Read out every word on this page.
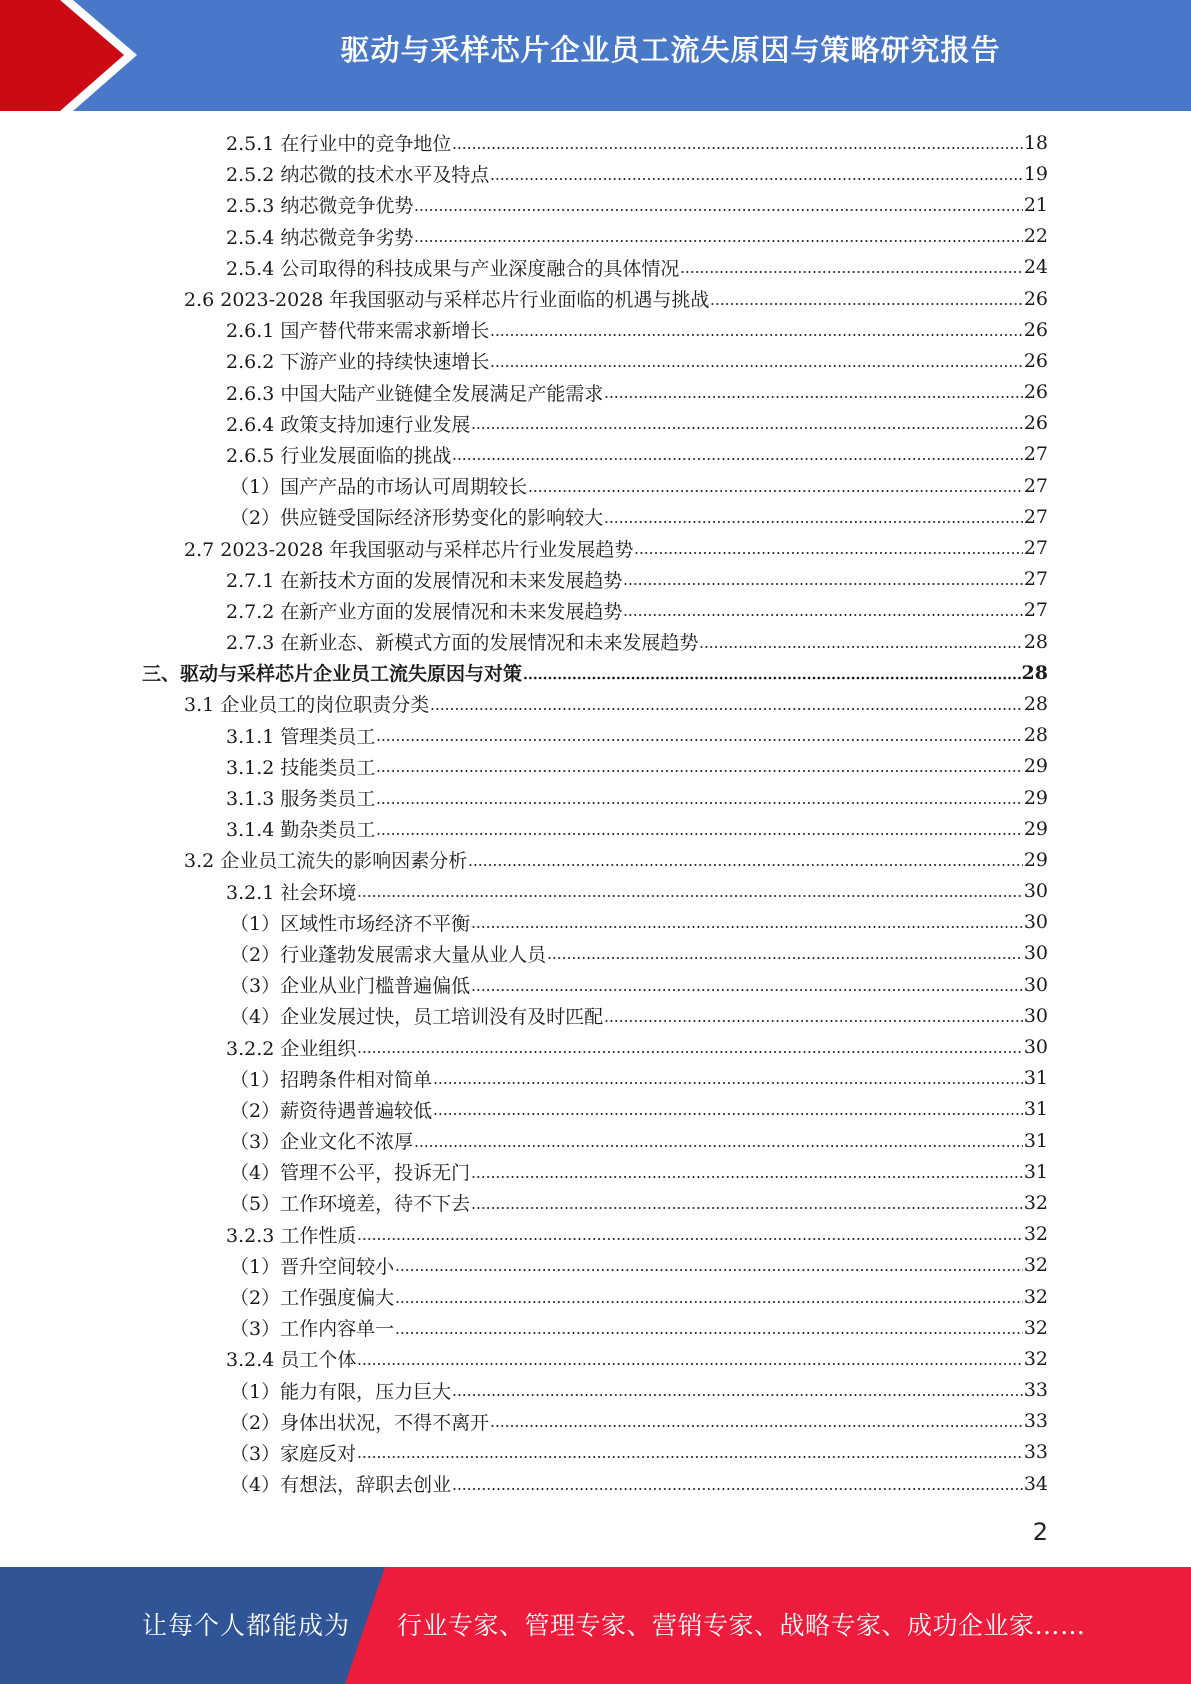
驱动与采样芯片企业员工流失原因与策略研究报告
2.5.1 在行业中的竞争地位	18
2.5.2 纳芯微的技术水平及特点	19
2.5.3 纳芯微竞争优势	21
2.5.4 纳芯微竞争劣势	22
2.5.4 公司取得的科技成果与产业深度融合的具体情况	24
2.6 2023-2028 年我国驱动与采样芯片行业面临的机遇与挑战	26
2.6.1 国产替代带来需求新增长	26
2.6.2 下游产业的持续快速增长	26
2.6.3 中国大陆产业链健全发展满足产能需求	26
2.6.4 政策支持加速行业发展	26
2.6.5 行业发展面临的挑战	27
（1）国产产品的市场认可周期较长	27
（2）供应链受国际经济形势变化的影响较大	27
2.7 2023-2028 年我国驱动与采样芯片行业发展趋势	27
2.7.1 在新技术方面的发展情况和未来发展趋势	27
2.7.2 在新产业方面的发展情况和未来发展趋势	27
2.7.3 在新业态、新模式方面的发展情况和未来发展趋势	28
三、驱动与采样芯片企业员工流失原因与对策	28
3.1 企业员工的岗位职责分类	28
3.1.1 管理类员工	28
3.1.2 技能类员工	29
3.1.3 服务类员工	29
3.1.4 勤杂类员工	29
3.2 企业员工流失的影响因素分析	29
3.2.1 社会环境	30
（1）区域性市场经济不平衡	30
（2）行业蓬勃发展需求大量从业人员	30
（3）企业从业门槛普遍偏低	30
（4）企业发展过快，员工培训没有及时匹配	30
3.2.2 企业组织	30
（1）招聘条件相对简单	31
（2）薪资待遇普遍较低	31
（3）企业文化不浓厚	31
（4）管理不公平，投诉无门	31
（5）工作环境差，待不下去	32
3.2.3 工作性质	32
（1）晋升空间较小	32
（2）工作强度偏大	32
（3）工作内容单一	32
3.2.4 员工个体	32
（1）能力有限，压力巨大	33
（2）身体出状况，不得不离开	33
（3）家庭反对	33
（4）有想法，辞职去创业	34
2
让每个人都能成为 行业专家、管理专家、营销专家、战略专家、成功企业家……
